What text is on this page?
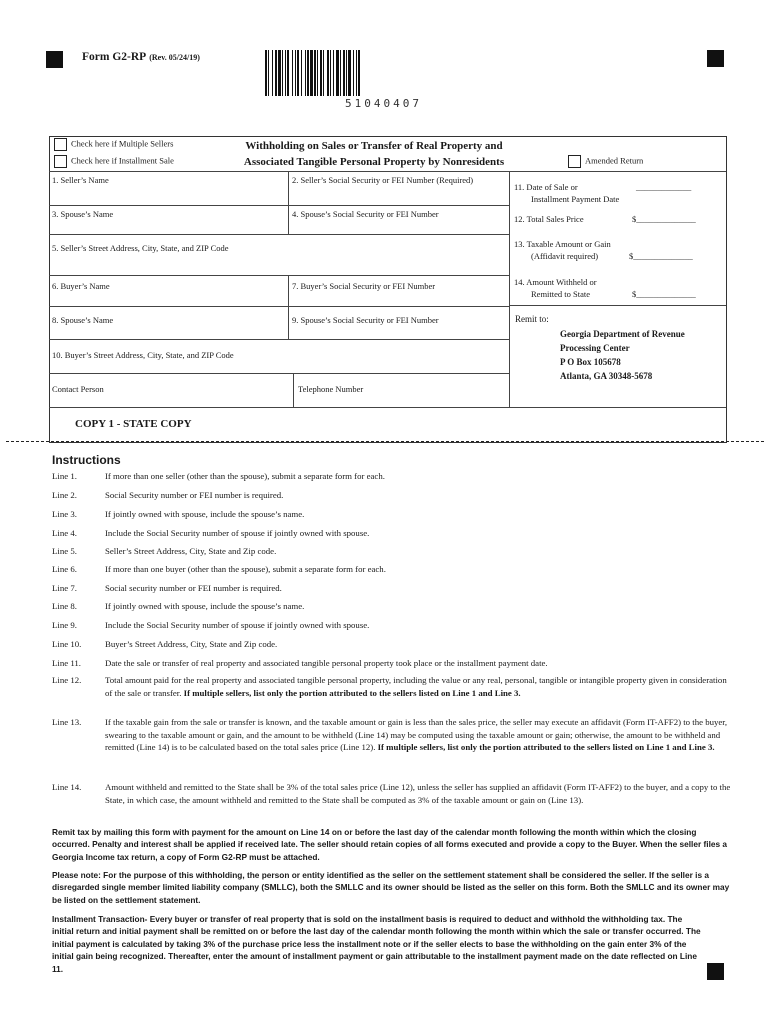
Form G2-RP (Rev. 05/24/19)
51040407
Check here if Multiple Sellers
Check here if Installment Sale
Withholding on Sales or Transfer of Real Property and
Associated Tangible Personal Property by Nonresidents	Amended Return
1. Seller’s Name	2. Seller’s Social Security or FEI Number (Required)
3. Spouse’s Name	4. Spouse’s Social Security or FEI Number
5. Seller’s Street Address, City, State, and ZIP Code
6. Buyer’s Name	7. Buyer’s Social Security or FEI Number
8. Spouse’s Name	9. Spouse’s Social Security or FEI Number
10. Buyer’s Street Address, City, State, and ZIP Code
Contact Person	Telephone Number
11. Date of Sale or	_____________
Installment Payment Date
12. Total Sales Price	$______________
13. Taxable Amount or Gain
(Affidavit required)	$______________
14. Amount Withheld or
Remitted to State	$______________
Remit to:
Georgia Department of Revenue
Processing Center
P O Box 105678
Atlanta, GA 30348-5678
COPY 1 - STATE COPY
Instructions
Line 1.	If more than one seller (other than the spouse), submit a separate form for each.
Line 2.	Social Security number or FEI number is required.
Line 3.	If jointly owned with spouse, include the spouse’s name.
Line 4.	Include the Social Security number of spouse if jointly owned with spouse.
Line 5.	Seller’s Street Address, City, State and Zip code.
Line 6.	If more than one buyer (other than the spouse), submit a separate form for each.
Line 7.	Social security number or FEI number is required.
Line 8.	If jointly owned with spouse, include the spouse’s name.
Line 9.	Include the Social Security number of spouse if jointly owned with spouse.
Line 10.	Buyer’s Street Address, City, State and Zip code.
Line 11.	Date the sale or transfer of real property and associated tangible personal property took place or the installment payment date.
Line 12.	Total amount paid for the real property and associated tangible personal property, including the value or any real, personal, tangible or intangible property given in consideration of the sale or transfer. If multiple sellers, list only the portion attributed to the sellers listed on Line 1 and Line 3.
Line 13.	If the taxable gain from the sale or transfer is known, and the taxable amount or gain is less than the sales price, the seller may execute an affidavit (Form IT-AFF2) to the buyer, swearing to the taxable amount or gain, and the amount to be withheld (Line 14) may be computed using the taxable amount or gain; otherwise, the amount to be withheld and remitted (Line 14) is to be calculated based on the total sales price (Line 12). If multiple sellers, list only the portion attributed to the sellers listed on Line 1 and Line 3.
Line 14.	Amount withheld and remitted to the State shall be 3% of the total sales price (Line 12), unless the seller has supplied an affidavit (Form IT-AFF2) to the buyer, and a copy to the State, in which case, the amount withheld and remitted to the State shall be computed as 3% of the taxable amount or gain on (Line 13).
Remit tax by mailing this form with payment for the amount on Line 14 on or before the last day of the calendar month following the month within which the closing occurred. Penalty and interest shall be applied if received late. The seller should retain copies of all forms executed and provide a copy to the Buyer. When the seller files a Georgia Income tax return, a copy of Form G2-RP must be attached.
Please note: For the purpose of this withholding, the person or entity identified as the seller on the settlement statement shall be considered the seller. If the seller is a disregarded single member limited liability company (SMLLC), both the SMLLC and its owner should be listed as the seller on this form. Both the SMLLC and its owner may be listed on the settlement statement.
Installment Transaction- Every buyer or transfer of real property that is sold on the installment basis is required to deduct and withhold the withholding tax. The initial return and initial payment shall be remitted on or before the last day of the calendar month following the month within which the sale or transfer occurred. The initial payment is calculated by taking 3% of the purchase price less the installment note or if the seller elects to base the withholding on the gain enter 3% of the initial gain being recognized. Thereafter, enter the amount of installment payment or gain attributable to the installment payment made on the date reflected on Line 11.
